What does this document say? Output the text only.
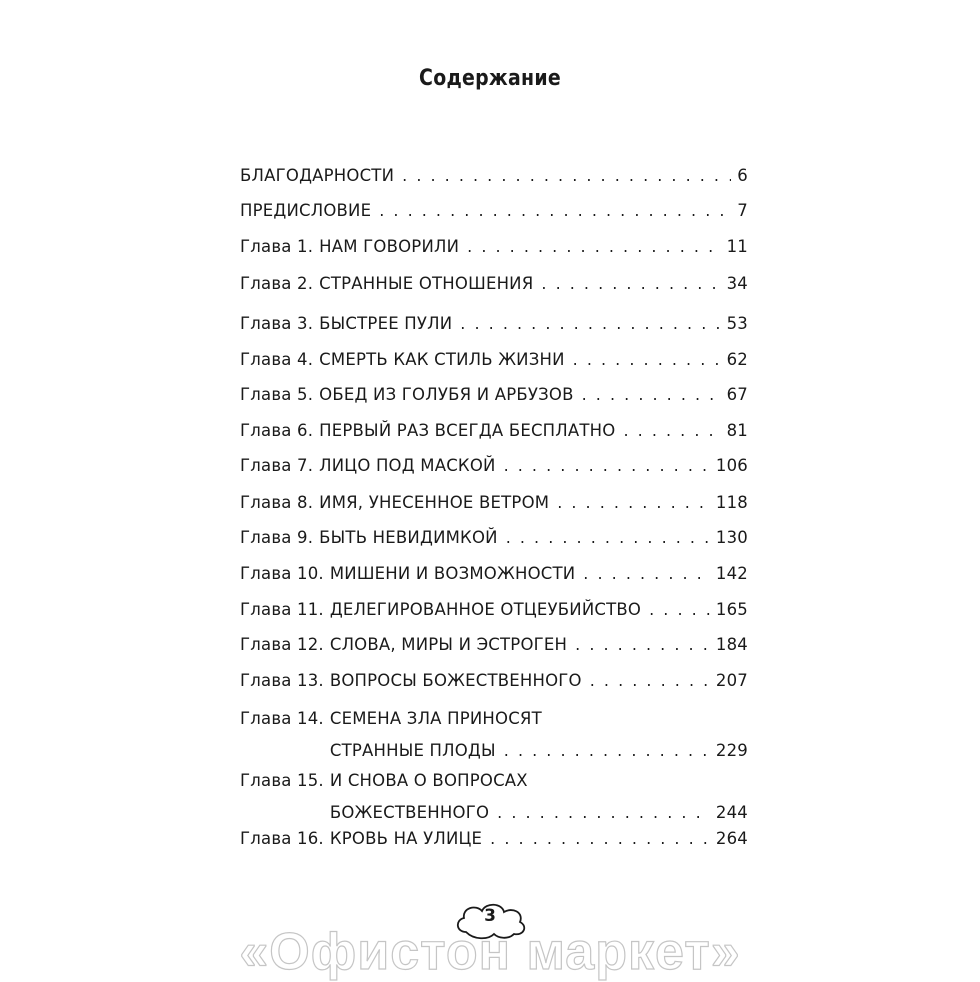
Содержание
БЛАГОДАРНОСТИ . . .	6
ПРЕДИСЛОВИЕ . . .	7
Глава 1. НАМ ГОВОРИЛИ . . .	11
Глава 2. СТРАННЫЕ ОТНОШЕНИЯ . . .	34
Глава 3. БЫСТРЕЕ ПУЛИ . . .	53
Глава 4. СМЕРТЬ КАК СТИЛЬ ЖИЗНИ . . .	62
Глава 5. ОБЕД ИЗ ГОЛУБЯ И АРБУЗОВ . . .	67
Глава 6. ПЕРВЫЙ РАЗ ВСЕГДА БЕСПЛАТНО . . .	81
Глава 7. ЛИЦО ПОД МАСКОЙ . . .	106
Глава 8. ИМЯ, УНЕСЕННОЕ ВЕТРОМ . . .	118
Глава 9. БЫТЬ НЕВИДИМКОЙ . . .	130
Глава 10. МИШЕНИ И ВОЗМОЖНОСТИ . . .	142
Глава 11. ДЕЛЕГИРОВАННОЕ ОТЦЕУБИЙСТВО . . .	165
Глава 12. СЛОВА, МИРЫ И ЭСТРОГЕН . . .	184
Глава 13. ВОПРОСЫ БОЖЕСТВЕННОГО . . .	207
Глава 14. СЕМЕНА ЗЛА ПРИНОСЯТ
СТРАННЫЕ ПЛОДЫ . . .	229
Глава 15. И СНОВА О ВОПРОСАХ
БОЖЕСТВЕННОГО . . .	244
Глава 16. КРОВЬ НА УЛИЦЕ . . .	264
3
«Офистон маркет»
